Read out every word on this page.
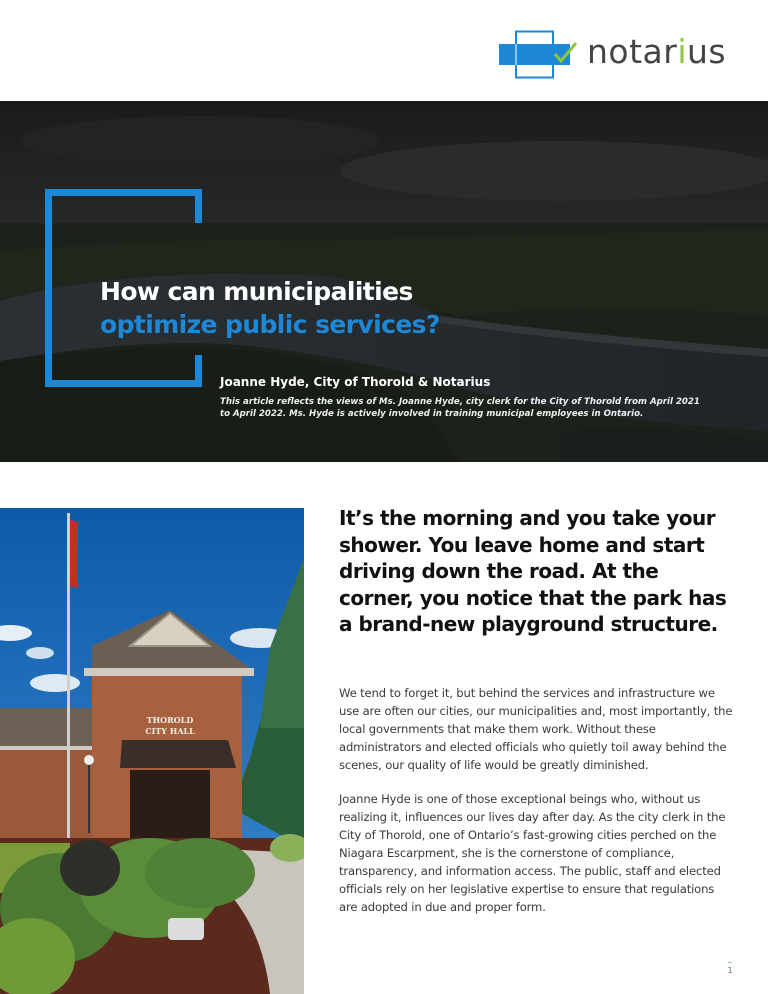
notarius
How can municipalities
optimize public services?
Joanne Hyde, City of Thorold & Notarius
This article reflects the views of Ms. Joanne Hyde, city clerk for the City of Thorold from April 2021 to April 2022. Ms. Hyde is actively involved in training municipal employees in Ontario.
THOROLD
CITY HALL

It’s the morning and you take your shower. You leave home and start driving down the road. At the corner, you notice that the park has a brand-new playground structure.

We tend to forget it, but behind the services and infrastructure we use are often our cities, our municipalities and, most importantly, the local governments that make them work. Without these administrators and elected officials who quietly toil away behind the scenes, our quality of life would be greatly diminished.

Joanne Hyde is one of those exceptional beings who, without us realizing it, influences our lives day after day. As the city clerk in the City of Thorold, one of Ontario’s fast-growing cities perched on the Niagara Escarpment, she is the cornerstone of compliance, transparency, and information access. The public, staff and elected officials rely on her legislative expertise to ensure that regulations are adopted in due and proper form.

1
